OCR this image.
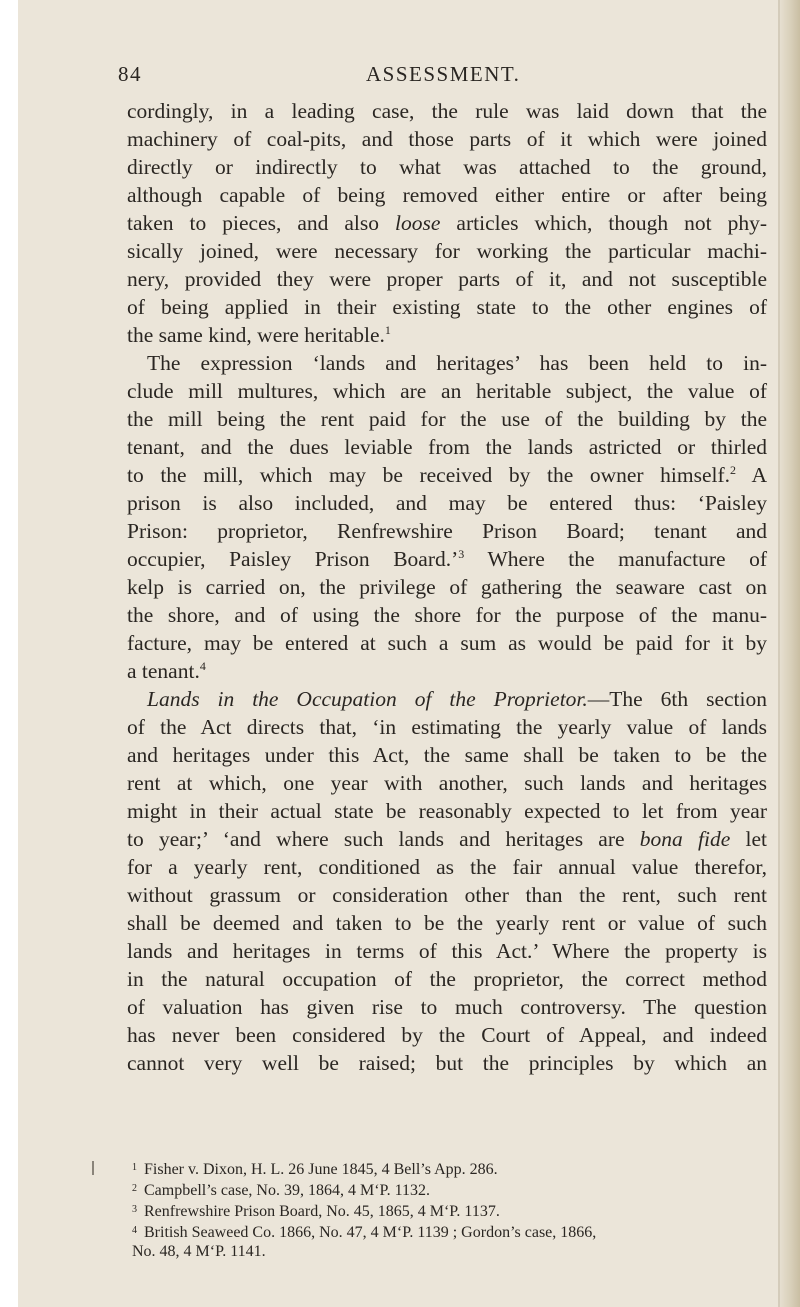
84	ASSESSMENT.
cordingly, in a leading case, the rule was laid down that the
machinery of coal-pits, and those parts of it which were joined
directly or indirectly to what was attached to the ground,
although capable of being removed either entire or after being
taken to pieces, and also loose articles which, though not phy-
sically joined, were necessary for working the particular machi-
nery, provided they were proper parts of it, and not susceptible
of being applied in their existing state to the other engines of
the same kind, were heritable.$^1$
The expression ‘lands and heritages’ has been held to in-
clude mill multures, which are an heritable subject, the value of
the mill being the rent paid for the use of the building by the
tenant, and the dues leviable from the lands astricted or thirled
to the mill, which may be received by the owner himself.$^2$ A
prison is also included, and may be entered thus: ‘Paisley
Prison: proprietor, Renfrewshire Prison Board; tenant and
occupier, Paisley Prison Board.’$^3$ Where the manufacture of
kelp is carried on, the privilege of gathering the seaware cast on
the shore, and of using the shore for the purpose of the manu-
facture, may be entered at such a sum as would be paid for it by
a tenant.$^4$
Lands in the Occupation of the Proprietor.—The 6th section
of the Act directs that, ‘in estimating the yearly value of lands
and heritages under this Act, the same shall be taken to be the
rent at which, one year with another, such lands and heritages
might in their actual state be reasonably expected to let from year
to year;’ ‘and where such lands and heritages are bona fide let
for a yearly rent, conditioned as the fair annual value therefor,
without grassum or consideration other than the rent, such rent
shall be deemed and taken to be the yearly rent or value of such
lands and heritages in terms of this Act.’ Where the property is
in the natural occupation of the proprietor, the correct method
of valuation has given rise to much controversy. The question
has never been considered by the Court of Appeal, and indeed
cannot very well be raised; but the principles by which an
1 Fisher v. Dixon, H. L. 26 June 1845, 4 Bell’s App. 286.
2 Campbell’s case, No. 39, 1864, 4 M‘P. 1132.
3 Renfrewshire Prison Board, No. 45, 1865, 4 M‘P. 1137.
4 British Seaweed Co. 1866, No. 47, 4 M‘P. 1139 ; Gordon’s case, 1866,
No. 48, 4 M‘P. 1141.
